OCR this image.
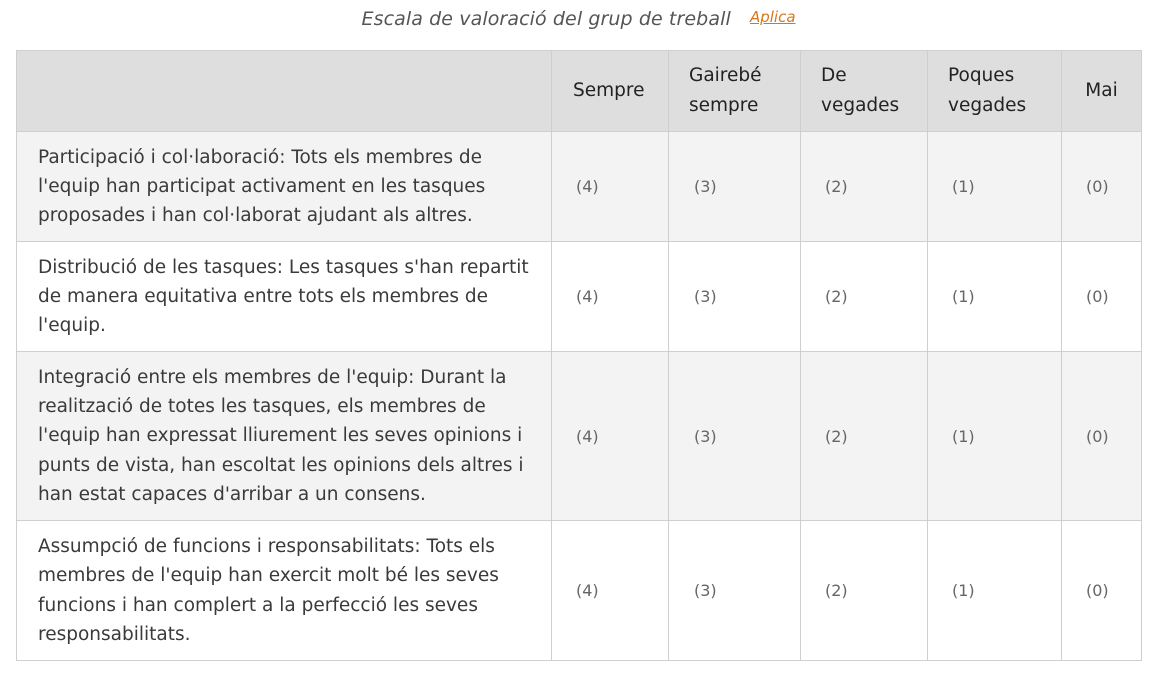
Escala de valoració del grup de treball Aplica
	Sempre	Gairebé sempre	De vegades	Poques vegades	Mai
Participació i col·laboració: Tots els membres de l'equip han participat activament en les tasques proposades i han col·laborat ajudant als altres.	(4)	(3)	(2)	(1)	(0)
Distribució de les tasques: Les tasques s'han repartit de manera equitativa entre tots els membres de l'equip.	(4)	(3)	(2)	(1)	(0)
Integració entre els membres de l'equip: Durant la realització de totes les tasques, els membres de l'equip han expressat lliurement les seves opinions i punts de vista, han escoltat les opinions dels altres i han estat capaces d'arribar a un consens.	(4)	(3)	(2)	(1)	(0)
Assumpció de funcions i responsabilitats: Tots els membres de l'equip han exercit molt bé les seves funcions i han complert a la perfecció les seves responsabilitats.	(4)	(3)	(2)	(1)	(0)
